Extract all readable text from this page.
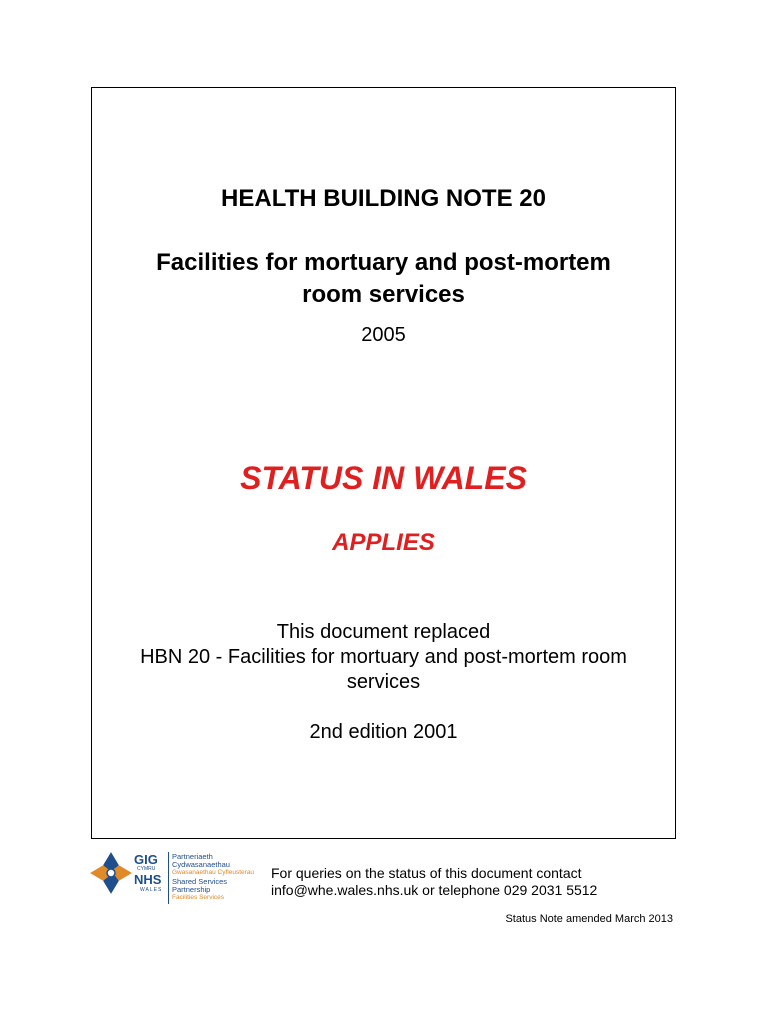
HEALTH BUILDING NOTE 20
Facilities for mortuary and post-mortem
room services
2005
STATUS IN WALES
APPLIES
This document replaced
HBN 20 - Facilities for mortuary and post-mortem room
services
2nd edition 2001
GIG
CYMRU
NHS
WALES
Partneriaeth
Cydwasanaethau
Gwasanaethau Cyfleusterau
Shared Services
Partnership
Facilities Services
For queries on the status of this document contact
info@whe.wales.nhs.uk or telephone 029 2031 5512
Status Note amended March 2013
